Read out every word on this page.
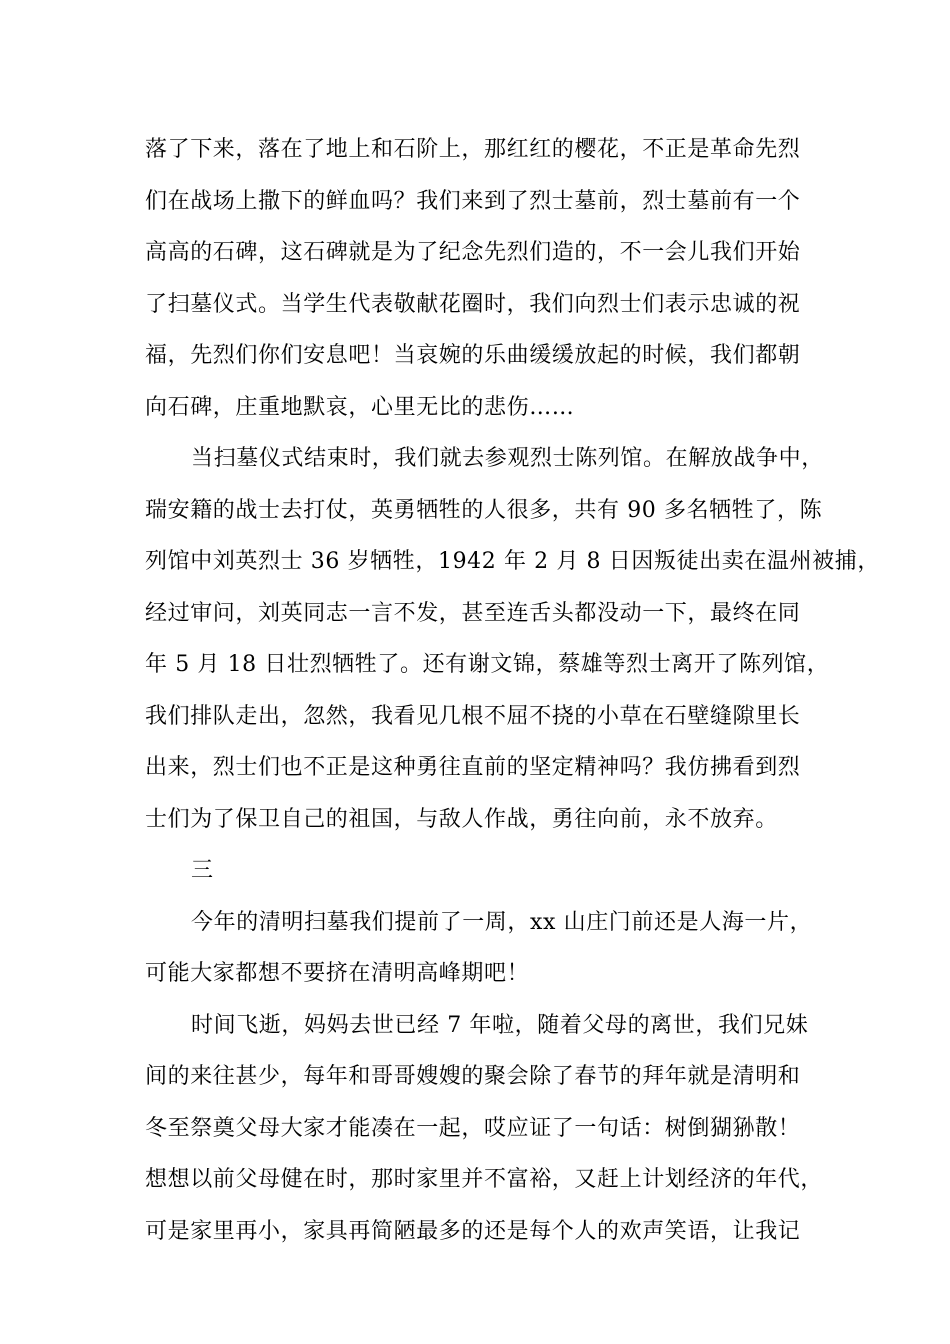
落了下来，落在了地上和石阶上，那红红的樱花，不正是革命先烈
们在战场上撒下的鲜血吗？我们来到了烈士墓前，烈士墓前有一个
高高的石碑，这石碑就是为了纪念先烈们造的，不一会儿我们开始
了扫墓仪式。当学生代表敬献花圈时，我们向烈士们表示忠诚的祝
福，先烈们你们安息吧！当哀婉的乐曲缓缓放起的时候，我们都朝
向石碑，庄重地默哀，心里无比的悲伤……
当扫墓仪式结束时，我们就去参观烈士陈列馆。在解放战争中，
瑞安籍的战士去打仗，英勇牺牲的人很多，共有 90 多名牺牲了，陈
列馆中刘英烈士 36 岁牺牲，1942 年 2 月 8 日因叛徒出卖在温州被捕，
经过审问，刘英同志一言不发，甚至连舌头都没动一下，最终在同
年 5 月 18 日壮烈牺牲了。还有谢文锦，蔡雄等烈士离开了陈列馆，
我们排队走出，忽然，我看见几根不屈不挠的小草在石壁缝隙里长
出来，烈士们也不正是这种勇往直前的坚定精神吗？我仿拂看到烈
士们为了保卫自己的祖国，与敌人作战，勇往向前，永不放弃。
三
今年的清明扫墓我们提前了一周，xx 山庄门前还是人海一片，
可能大家都想不要挤在清明高峰期吧！
时间飞逝，妈妈去世已经 7 年啦，随着父母的离世，我们兄妹
间的来往甚少，每年和哥哥嫂嫂的聚会除了春节的拜年就是清明和
冬至祭奠父母大家才能凑在一起，哎应证了一句话：树倒猢狲散！
想想以前父母健在时，那时家里并不富裕，又赶上计划经济的年代，
可是家里再小，家具再简陋最多的还是每个人的欢声笑语，让我记
